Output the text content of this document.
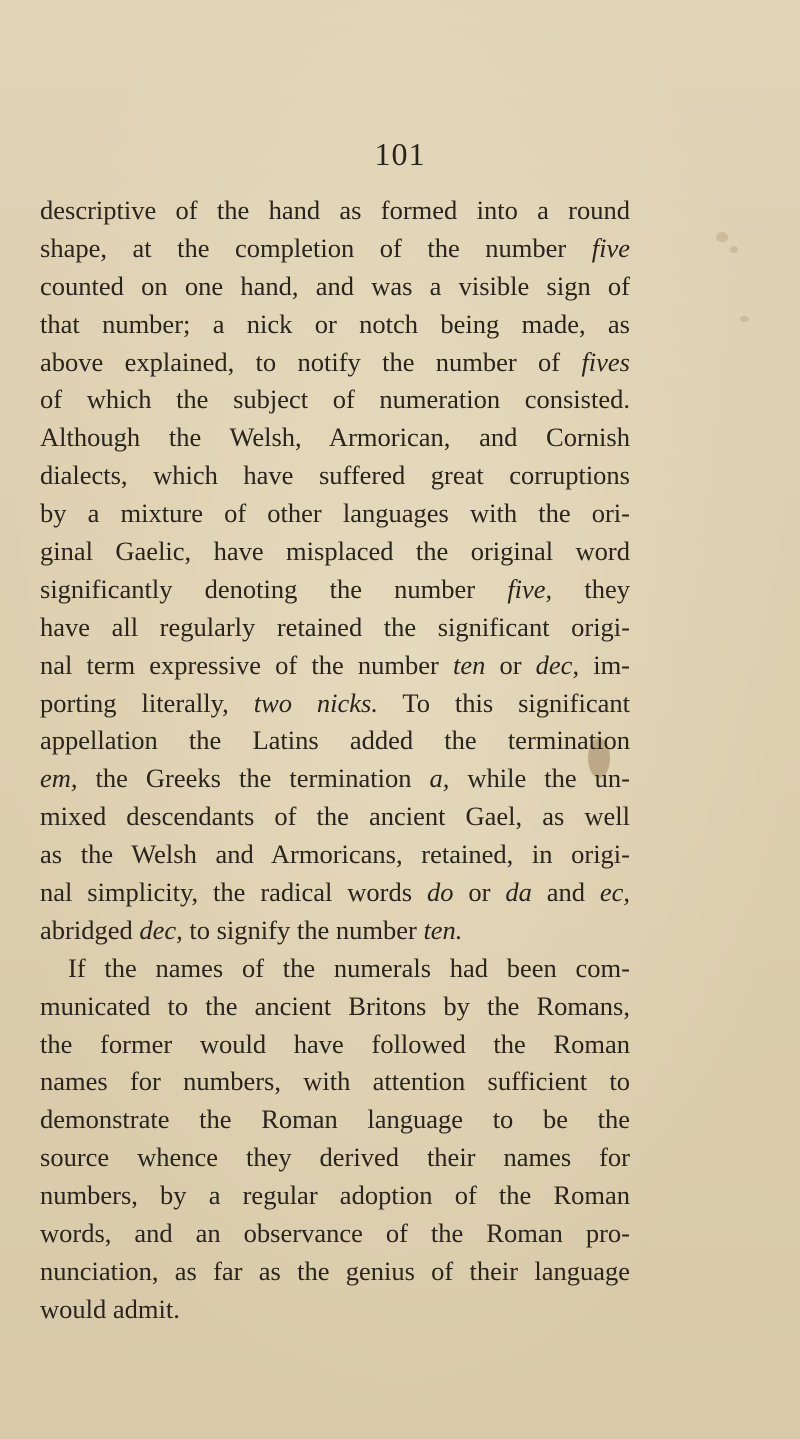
101
descriptive of the hand as formed into a round
shape, at the completion of the number five
counted on one hand, and was a visible sign of
that number; a nick or notch being made, as
above explained, to notify the number of fives
of which the subject of numeration consisted.
Although the Welsh, Armorican, and Cornish
dialects, which have suffered great corruptions
by a mixture of other languages with the ori-
ginal Gaelic, have misplaced the original word
significantly denoting the number five, they
have all regularly retained the significant origi-
nal term expressive of the number ten or dec, im-
porting literally, two nicks. To this significant
appellation the Latins added the termination
em, the Greeks the termination a, while the un-
mixed descendants of the ancient Gael, as well
as the Welsh and Armoricans, retained, in origi-
nal simplicity, the radical words do or da and ec,
abridged dec, to signify the number ten.
If the names of the numerals had been com-
municated to the ancient Britons by the Romans,
the former would have followed the Roman
names for numbers, with attention sufficient to
demonstrate the Roman language to be the
source whence they derived their names for
numbers, by a regular adoption of the Roman
words, and an observance of the Roman pro-
nunciation, as far as the genius of their language
would admit.
